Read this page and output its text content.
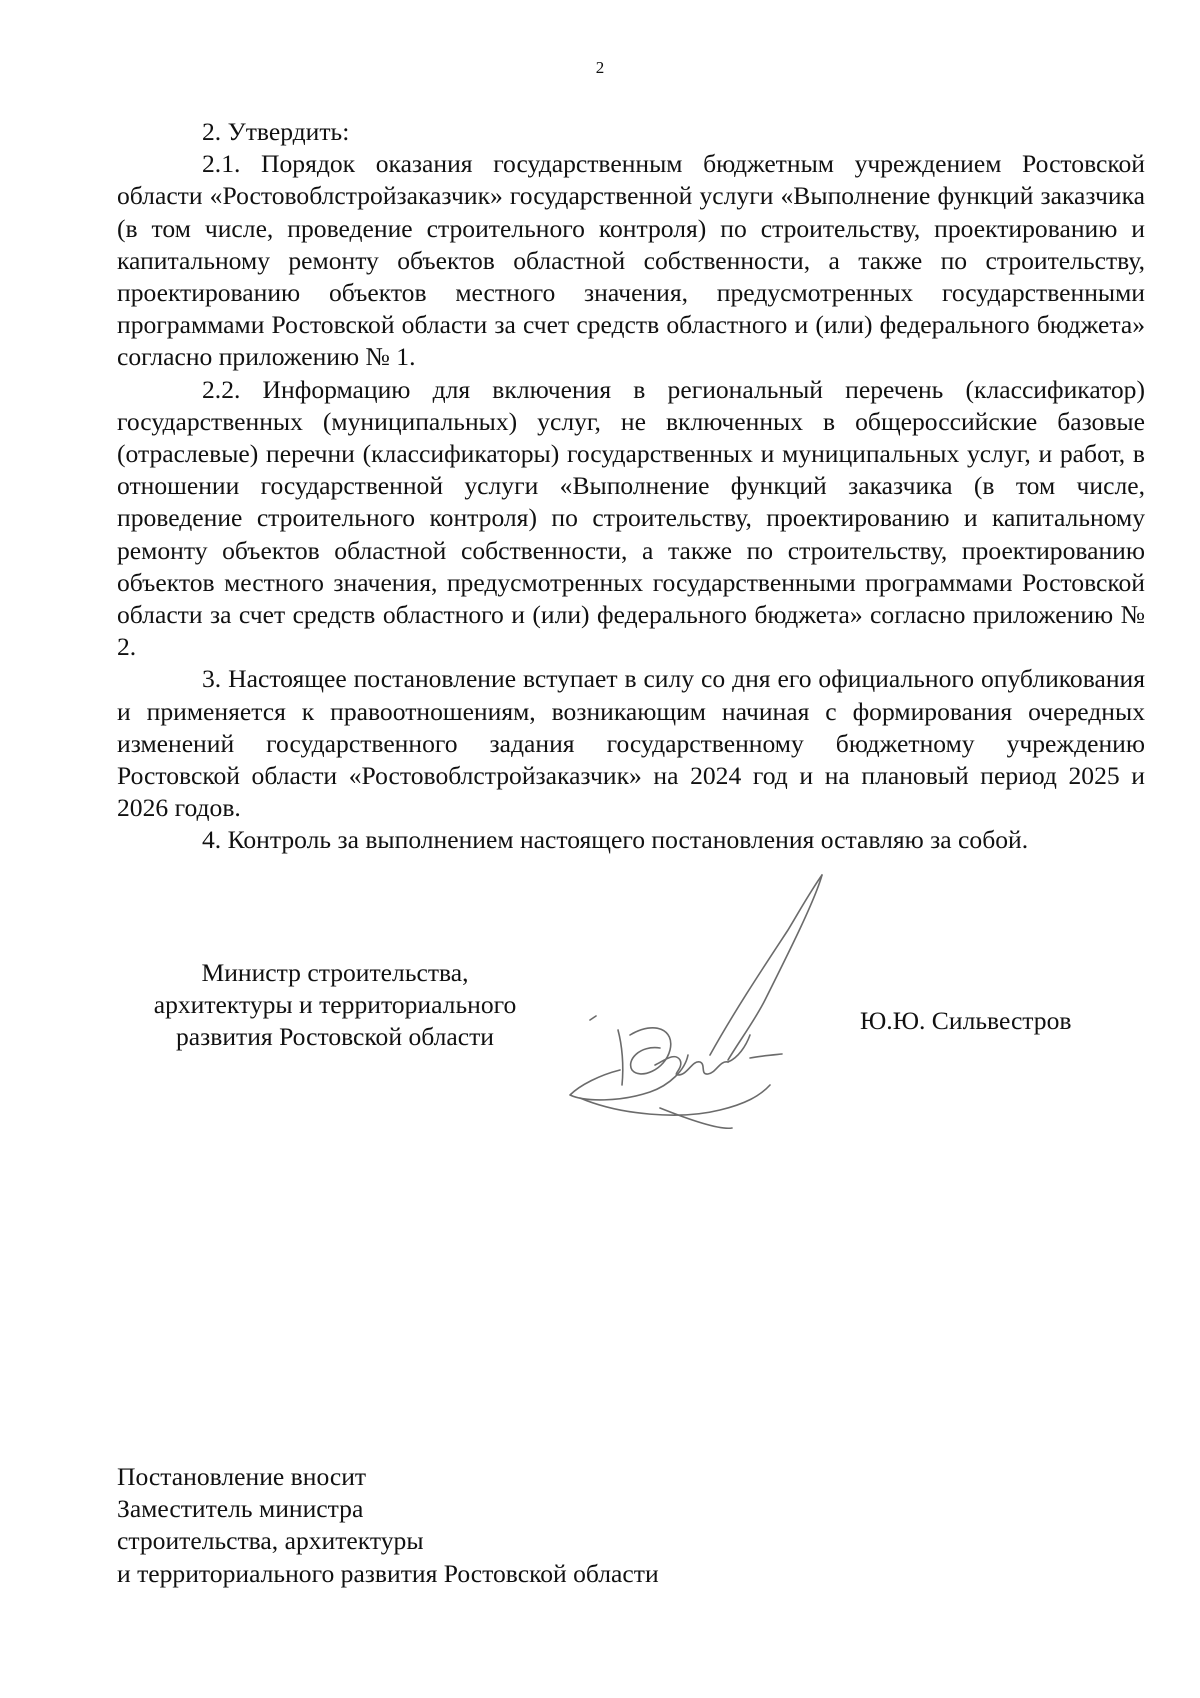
2

2. Утвердить:

2.1. Порядок оказания государственным бюджетным учреждением Ростовской области «Ростовоблстройзаказчик» государственной услуги «Выполнение функций заказчика (в том числе, проведение строительного контроля) по строительству, проектированию и капитальному ремонту объектов областной собственности, а также по строительству, проектированию объектов местного значения, предусмотренных государственными программами Ростовской области за счет средств областного и (или) федерального бюджета» согласно приложению № 1.

2.2. Информацию для включения в региональный перечень (классификатор) государственных (муниципальных) услуг, не включенных в общероссийские базовые (отраслевые) перечни (классификаторы) государственных и муниципальных услуг, и работ, в отношении государственной услуги «Выполнение функций заказчика (в том числе, проведение строительного контроля) по строительству, проектированию и капитальному ремонту объектов областной собственности, а также по строительству, проектированию объектов местного значения, предусмотренных государственными программами Ростовской области за счет средств областного и (или) федерального бюджета» согласно приложению № 2.

3. Настоящее постановление вступает в силу со дня его официального опубликования и применяется к правоотношениям, возникающим начиная с формирования очередных изменений государственного задания государственному бюджетному учреждению Ростовской области «Ростовоблстройзаказчик» на 2024 год и на плановый период 2025 и 2026 годов.

4. Контроль за выполнением настоящего постановления оставляю за собой.

Министр строительства,
архитектуры и территориального
развития Ростовской области
Ю.Ю. Сильвестров
Постановление вносит
Заместитель министра
строительства, архитектуры
и территориального развития Ростовской области
